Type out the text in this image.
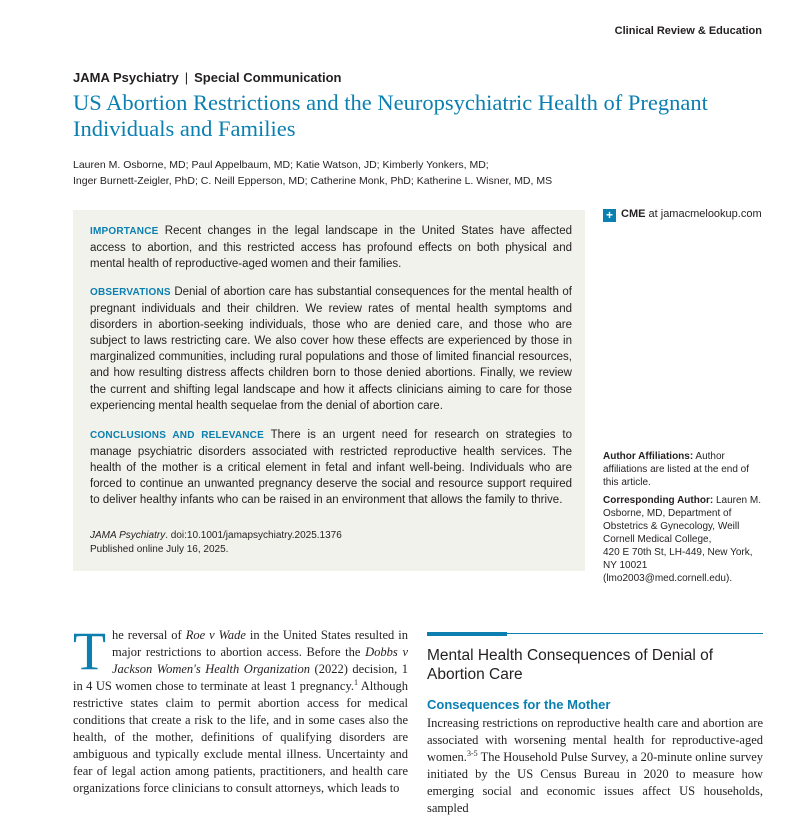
Clinical Review & Education
JAMA Psychiatry | Special Communication
US Abortion Restrictions and the Neuropsychiatric Health of Pregnant Individuals and Families
Lauren M. Osborne, MD; Paul Appelbaum, MD; Katie Watson, JD; Kimberly Yonkers, MD;
Inger Burnett-Zeigler, PhD; C. Neill Epperson, MD; Catherine Monk, PhD; Katherine L. Wisner, MD, MS
IMPORTANCE Recent changes in the legal landscape in the United States have affected access to abortion, and this restricted access has profound effects on both physical and mental health of reproductive-aged women and their families.
OBSERVATIONS Denial of abortion care has substantial consequences for the mental health of pregnant individuals and their children. We review rates of mental health symptoms and disorders in abortion-seeking individuals, those who are denied care, and those who are subject to laws restricting care. We also cover how these effects are experienced by those in marginalized communities, including rural populations and those of limited financial resources, and how resulting distress affects children born to those denied abortions. Finally, we review the current and shifting legal landscape and how it affects clinicians aiming to care for those experiencing mental health sequelae from the denial of abortion care.
CONCLUSIONS AND RELEVANCE There is an urgent need for research on strategies to manage psychiatric disorders associated with restricted reproductive health services. The health of the mother is a critical element in fetal and infant well-being. Individuals who are forced to continue an unwanted pregnancy deserve the social and resource support required to deliver healthy infants who can be raised in an environment that allows the family to thrive.
JAMA Psychiatry. doi:10.1001/jamapsychiatry.2025.1376
Published online July 16, 2025.
+ CME at jamacmelookup.com
Author Affiliations: Author affiliations are listed at the end of this article.
Corresponding Author: Lauren M. Osborne, MD, Department of Obstetrics & Gynecology, Weill Cornell Medical College,
420 E 70th St, LH-449, New York, NY 10021 (lmo2003@med.cornell.edu).
The reversal of Roe v Wade in the United States resulted in major restrictions to abortion access. Before the Dobbs v Jackson Women's Health Organization (2022) decision, 1 in 4 US women chose to terminate at least 1 pregnancy.$^1$ Although restrictive states claim to permit abortion access for medical conditions that create a risk to the life, and in some cases also the health, of the mother, definitions of qualifying disorders are ambiguous and typically exclude mental illness. Uncertainty and fear of legal action among patients, practitioners, and health care organizations force clinicians to consult attorneys, which leads to
Mental Health Consequences of Denial of Abortion Care
Consequences for the Mother
Increasing restrictions on reproductive health care and abortion are associated with worsening mental health for reproductive-aged women.$^{3-5}$ The Household Pulse Survey, a 20-minute online survey initiated by the US Census Bureau in 2020 to measure how emerging social and economic issues affect US households, sampled
